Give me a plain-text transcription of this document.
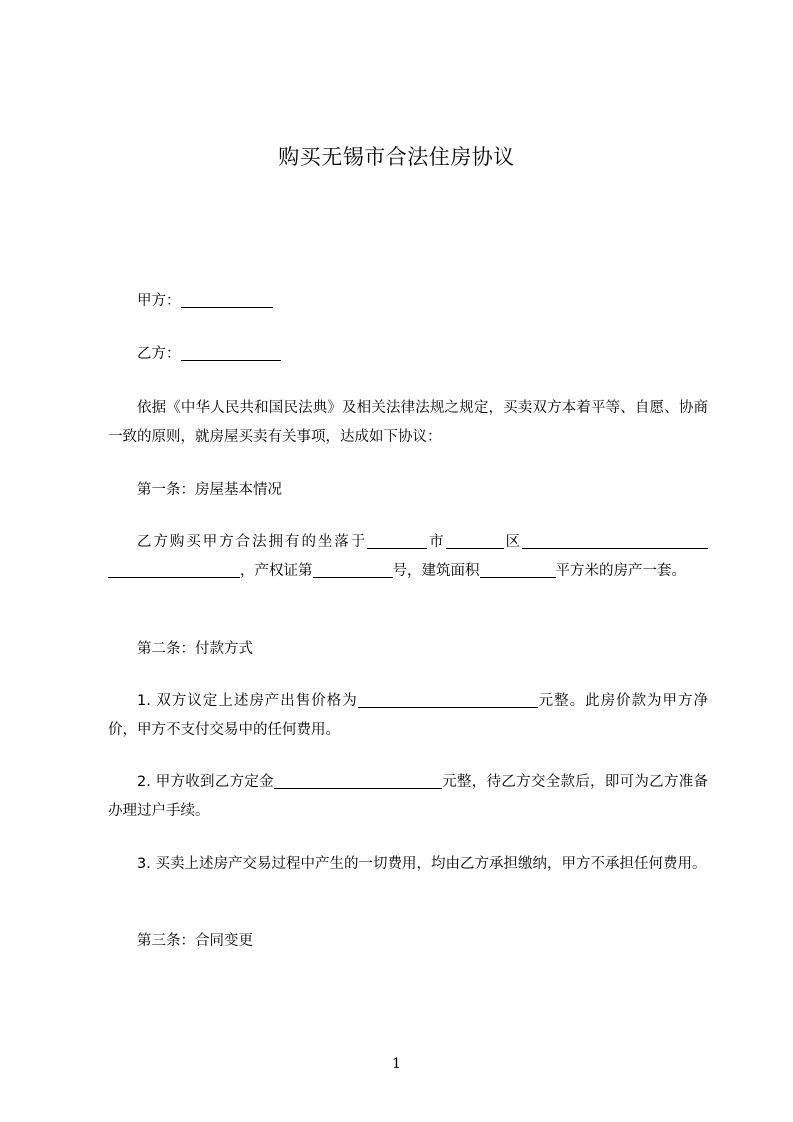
购买无锡市合法住房协议
甲方：
乙方：
依据《中华人民共和国民法典》及相关法律法规之规定，买卖双方本着平等、自愿、协商一致的原则，就房屋买卖有关事项，达成如下协议：
第一条：房屋基本情况
乙方购买甲方合法拥有的坐落于	市	区，产权证第	号，建筑面积	平方米的房产一套。
第二条：付款方式
1. 双方议定上述房产出售价格为	元整。此房价款为甲方净价，甲方不支付交易中的任何费用。
2. 甲方收到乙方定金	元整，待乙方交全款后，即可为乙方准备办理过户手续。
3. 买卖上述房产交易过程中产生的一切费用，均由乙方承担缴纳，甲方不承担任何费用。
第三条：合同变更
1
